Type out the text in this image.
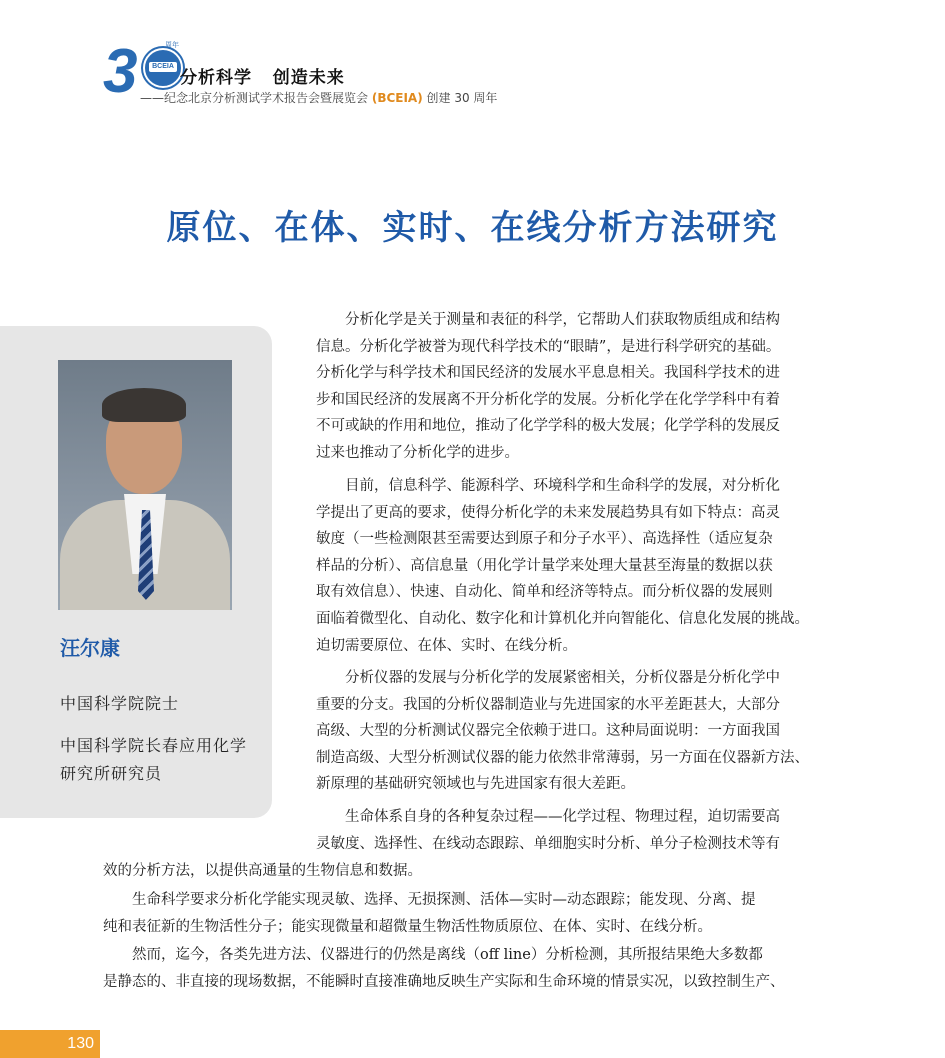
3	BCEIA
周年
分析科学   创造未来
——纪念北京分析测试学术报告会暨展览会 (BCEIA) 创建 30 周年
原位、在体、实时、在线分析方法研究
汪尔康
中国科学院院士
中国科学院长春应用化学研究所研究员
　　分析化学是关于测量和表征的科学，它帮助人们获取物质组成和结构
信息。分析化学被誉为现代科学技术的“眼睛”，是进行科学研究的基础。
分析化学与科学技术和国民经济的发展水平息息相关。我国科学技术的进
步和国民经济的发展离不开分析化学的发展。分析化学在化学学科中有着
不可或缺的作用和地位，推动了化学学科的极大发展；化学学科的发展反
过来也推动了分析化学的进步。
　　目前，信息科学、能源科学、环境科学和生命科学的发展，对分析化
学提出了更高的要求，使得分析化学的未来发展趋势具有如下特点：高灵
敏度（一些检测限甚至需要达到原子和分子水平）、高选择性（适应复杂
样品的分析）、高信息量（用化学计量学来处理大量甚至海量的数据以获
取有效信息）、快速、自动化、简单和经济等特点。而分析仪器的发展则
面临着微型化、自动化、数字化和计算机化并向智能化、信息化发展的挑战。
迫切需要原位、在体、实时、在线分析。
　　分析仪器的发展与分析化学的发展紧密相关，分析仪器是分析化学中
重要的分支。我国的分析仪器制造业与先进国家的水平差距甚大，大部分
高级、大型的分析测试仪器完全依赖于进口。这种局面说明：一方面我国
制造高级、大型分析测试仪器的能力依然非常薄弱，另一方面在仪器新方法、
新原理的基础研究领域也与先进国家有很大差距。
　　生命体系自身的各种复杂过程——化学过程、物理过程，迫切需要高
灵敏度、选择性、在线动态跟踪、单细胞实时分析、单分子检测技术等有
效的分析方法，以提供高通量的生物信息和数据。
　　生命科学要求分析化学能实现灵敏、选择、无损探测、活体—实时—动态跟踪；能发现、分离、提
纯和表征新的生物活性分子；能实现微量和超微量生物活性物质原位、在体、实时、在线分析。
　　然而，迄今，各类先进方法、仪器进行的仍然是离线（off line）分析检测，其所报结果绝大多数都
是静态的、非直接的现场数据，不能瞬时直接准确地反映生产实际和生命环境的情景实况，以致控制生产、
130
